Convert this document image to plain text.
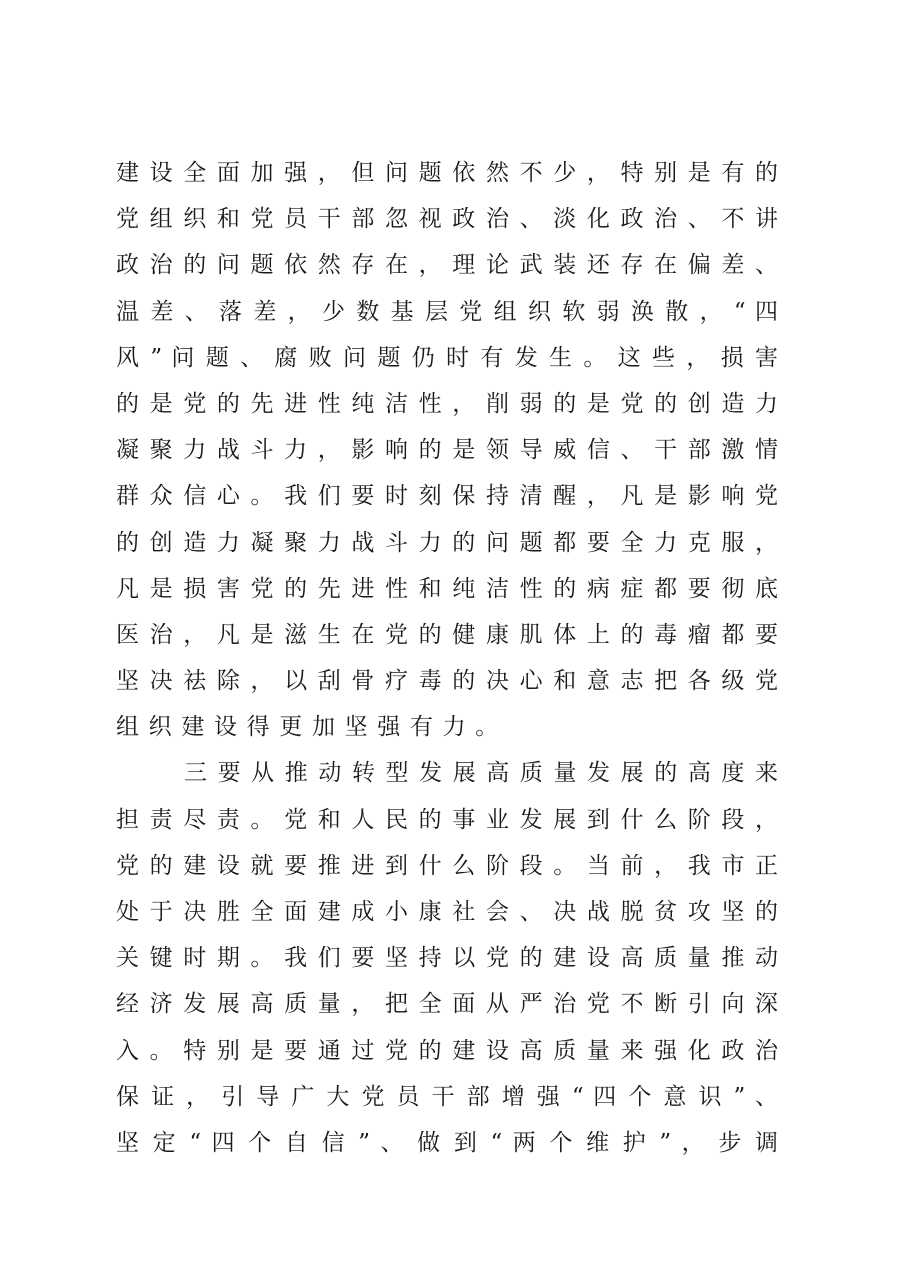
建 设 全 面 加 强 ， 但 问 题 依 然 不 少 ， 特 别 是 有 的
党 组 织 和 党 员 干 部 忽 视 政 治 、 淡 化 政 治 、 不 讲
政 治 的 问 题 依 然 存 在 ， 理 论 武 装 还 存 在 偏 差 、
温 差 、 落 差 ， 少 数 基 层 党 组 织 软 弱 涣 散 ， “ 四
风 ” 问 题 、 腐 败 问 题 仍 时 有 发 生 。 这 些 ， 损 害
的 是 党 的 先 进 性 纯 洁 性 ， 削 弱 的 是 党 的 创 造 力
凝 聚 力 战 斗 力 ， 影 响 的 是 领 导 威 信 、 干 部 激 情
群 众 信 心 。 我 们 要 时 刻 保 持 清 醒 ， 凡 是 影 响 党
的 创 造 力 凝 聚 力 战 斗 力 的 问 题 都 要 全 力 克 服 ，
凡 是 损 害 党 的 先 进 性 和 纯 洁 性 的 病 症 都 要 彻 底
医 治 ， 凡 是 滋 生 在 党 的 健 康 肌 体 上 的 毒 瘤 都 要
坚 决 祛 除 ， 以 刮 骨 疗 毒 的 决 心 和 意 志 把 各 级 党
组织建设得更加坚强有力。
三 要 从 推 动 转 型 发 展 高 质 量 发 展 的 高 度 来
担 责 尽 责 。 党 和 人 民 的 事 业 发 展 到 什 么 阶 段 ，
党 的 建 设 就 要 推 进 到 什 么 阶 段 。 当 前 ， 我 市 正
处 于 决 胜 全 面 建 成 小 康 社 会 、 决 战 脱 贫 攻 坚 的
关 键 时 期 。 我 们 要 坚 持 以 党 的 建 设 高 质 量 推 动
经 济 发 展 高 质 量 ， 把 全 面 从 严 治 党 不 断 引 向 深
入 。 特 别 是 要 通 过 党 的 建 设 高 质 量 来 强 化 政 治
保 证 ， 引 导 广 大 党 员 干 部 增 强 “ 四 个 意 识 ” 、
坚 定 “ 四 个 自 信 ” 、 做 到 “ 两 个 维 护 ” ， 步 调
